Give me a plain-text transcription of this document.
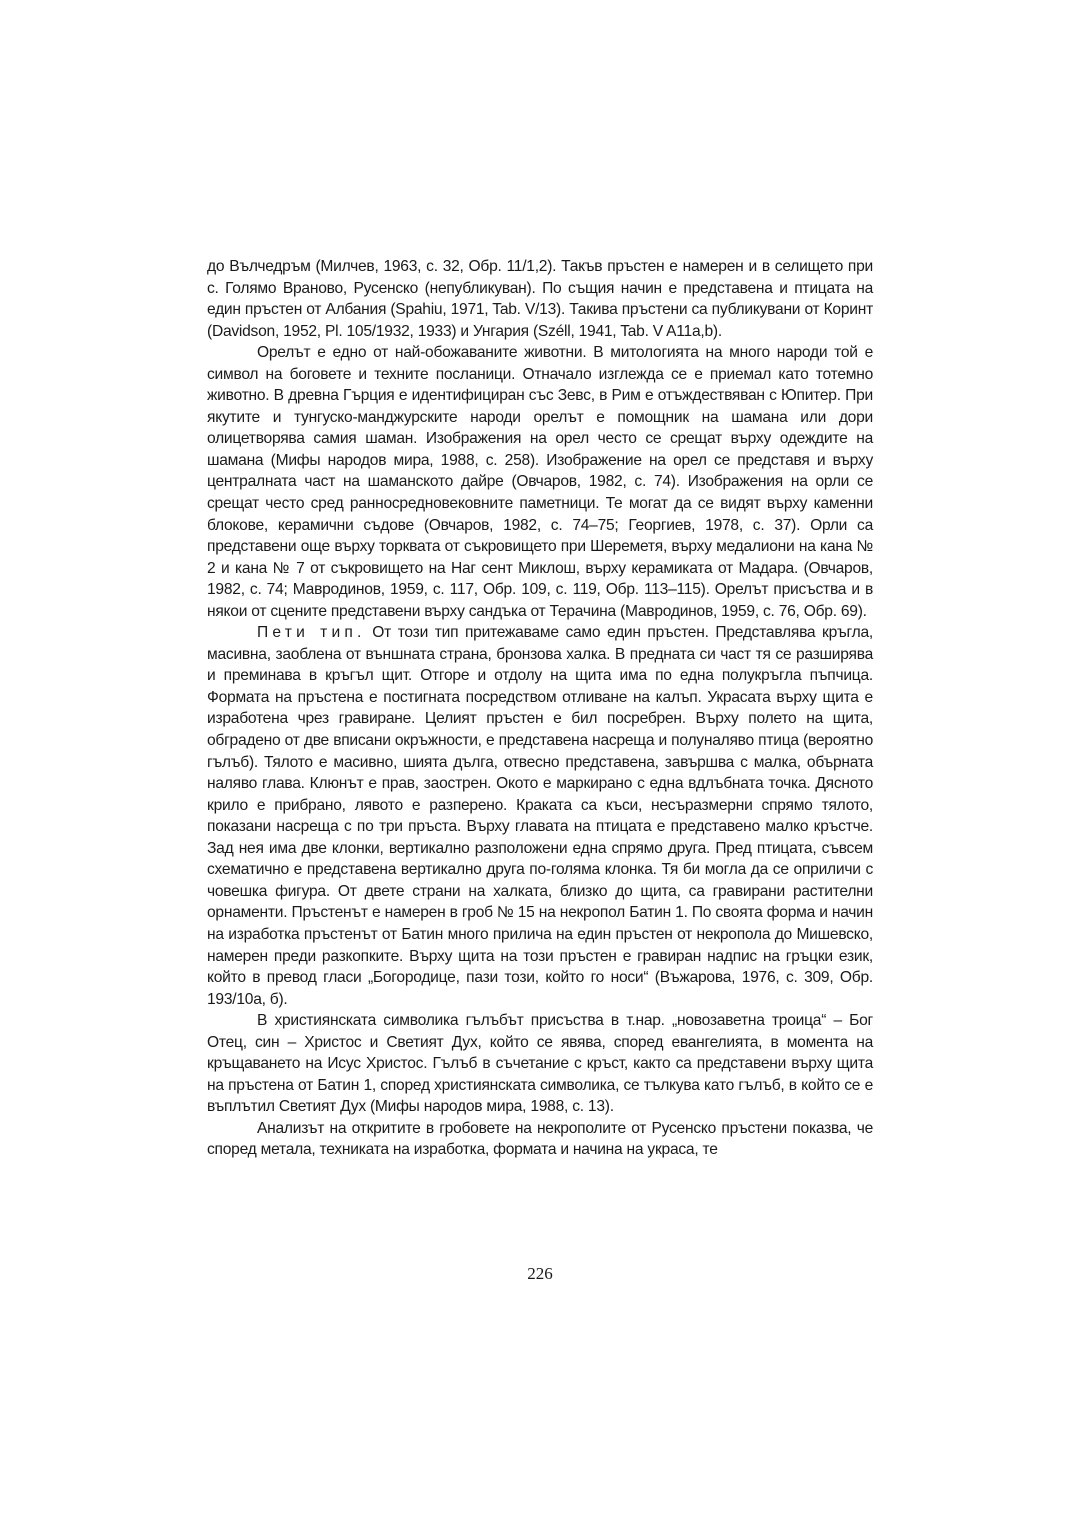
до Вълчедръм (Милчев, 1963, с. 32, Обр. 11/1,2). Такъв пръстен е намерен и в селището при с. Голямо Враново, Русенско (непубликуван). По същия начин е представена и птицата на един пръстен от Албания (Spahiu, 1971, Tab. V/13). Такива пръстени са публикувани от Коринт (Davidson, 1952, Pl. 105/1932, 1933) и Унгария (Széll, 1941, Tab. V A11a,b).

Орелът е едно от най-обожаваните животни. В митологията на много народи той е символ на боговете и техните посланици. Отначало изглежда се е приемал като тотемно животно. В древна Гърция е идентифициран със Зевс, в Рим е отъждествяван с Юпитер. При якутите и тунгуско-манджурските народи орелът е помощник на шамана или дори олицетворява самия шаман. Изображения на орел често се срещат върху одеждите на шамана (Мифы народов мира, 1988, с. 258). Изображение на орел се представя и върху централната част на шаманското дайре (Овчаров, 1982, с. 74). Изображения на орли се срещат често сред ранносредновековните паметници. Те могат да се видят върху каменни блокове, керамични съдове (Овчаров, 1982, с. 74–75; Георгиев, 1978, с. 37). Орли са представени още върху торквата от съкровището при Шереметя, върху медалиони на кана № 2 и кана № 7 от съкровището на Наг сент Миклош, върху керамиката от Мадара. (Овчаров, 1982, с. 74; Мавродинов, 1959, с. 117, Обр. 109, с. 119, Обр. 113–115). Орелът присъства и в някои от сцените представени върху сандъка от Терачина (Мавродинов, 1959, с. 76, Обр. 69).

Пети тип. От този тип притежаваме само един пръстен. Представлява кръгла, масивна, заоблена от външната страна, бронзова халка. В предната си част тя се разширява и преминава в кръгъл щит. Отгоре и отдолу на щита има по една полукръгла пъпчица. Формата на пръстена е постигната посредством отливане на калъп. Украсата върху щита е изработена чрез гравиране. Целият пръстен е бил посребрен. Върху полето на щита, обградено от две вписани окръжности, е представена насреща и полуналяво птица (вероятно гълъб). Тялото е масивно, шията дълга, отвесно представена, завършва с малка, обърната наляво глава. Клюнът е прав, заострен. Окото е маркирано с една вдлъбната точка. Дясното крило е прибрано, лявото е разперено. Краката са къси, несъразмерни спрямо тялото, показани насреща с по три пръста. Върху главата на птицата е представено малко кръстче. Зад нея има две клонки, вертикално разположени една спрямо друга. Пред птицата, съвсем схематично е представена вертикално друга по-голяма клонка. Тя би могла да се оприличи с човешка фигура. От двете страни на халката, близко до щита, са гравирани растителни орнаменти. Пръстенът е намерен в гроб № 15 на некропол Батин 1. По своята форма и начин на изработка пръстенът от Батин много прилича на един пръстен от некропола до Мишевско, намерен преди разкопките. Върху щита на този пръстен е гравиран надпис на гръцки език, който в превод гласи „Богородице, пази този, който го носи“ (Въжарова, 1976, с. 309, Обр. 193/10а, б).

В християнската символика гълъбът присъства в т.нар. „новозаветна троица“ – Бог Отец, син – Христос и Светият Дух, който се явява, според евангелията, в момента на кръщаването на Исус Христос. Гълъб в съчетание с кръст, както са представени върху щита на пръстена от Батин 1, според християнската символика, се тълкува като гълъб, в който се е въплътил Светият Дух (Мифы народов мира, 1988, с. 13).

Анализът на откритите в гробовете на некрополите от Русенско пръстени показва, че според метала, техниката на изработка, формата и начина на украса, те

226
